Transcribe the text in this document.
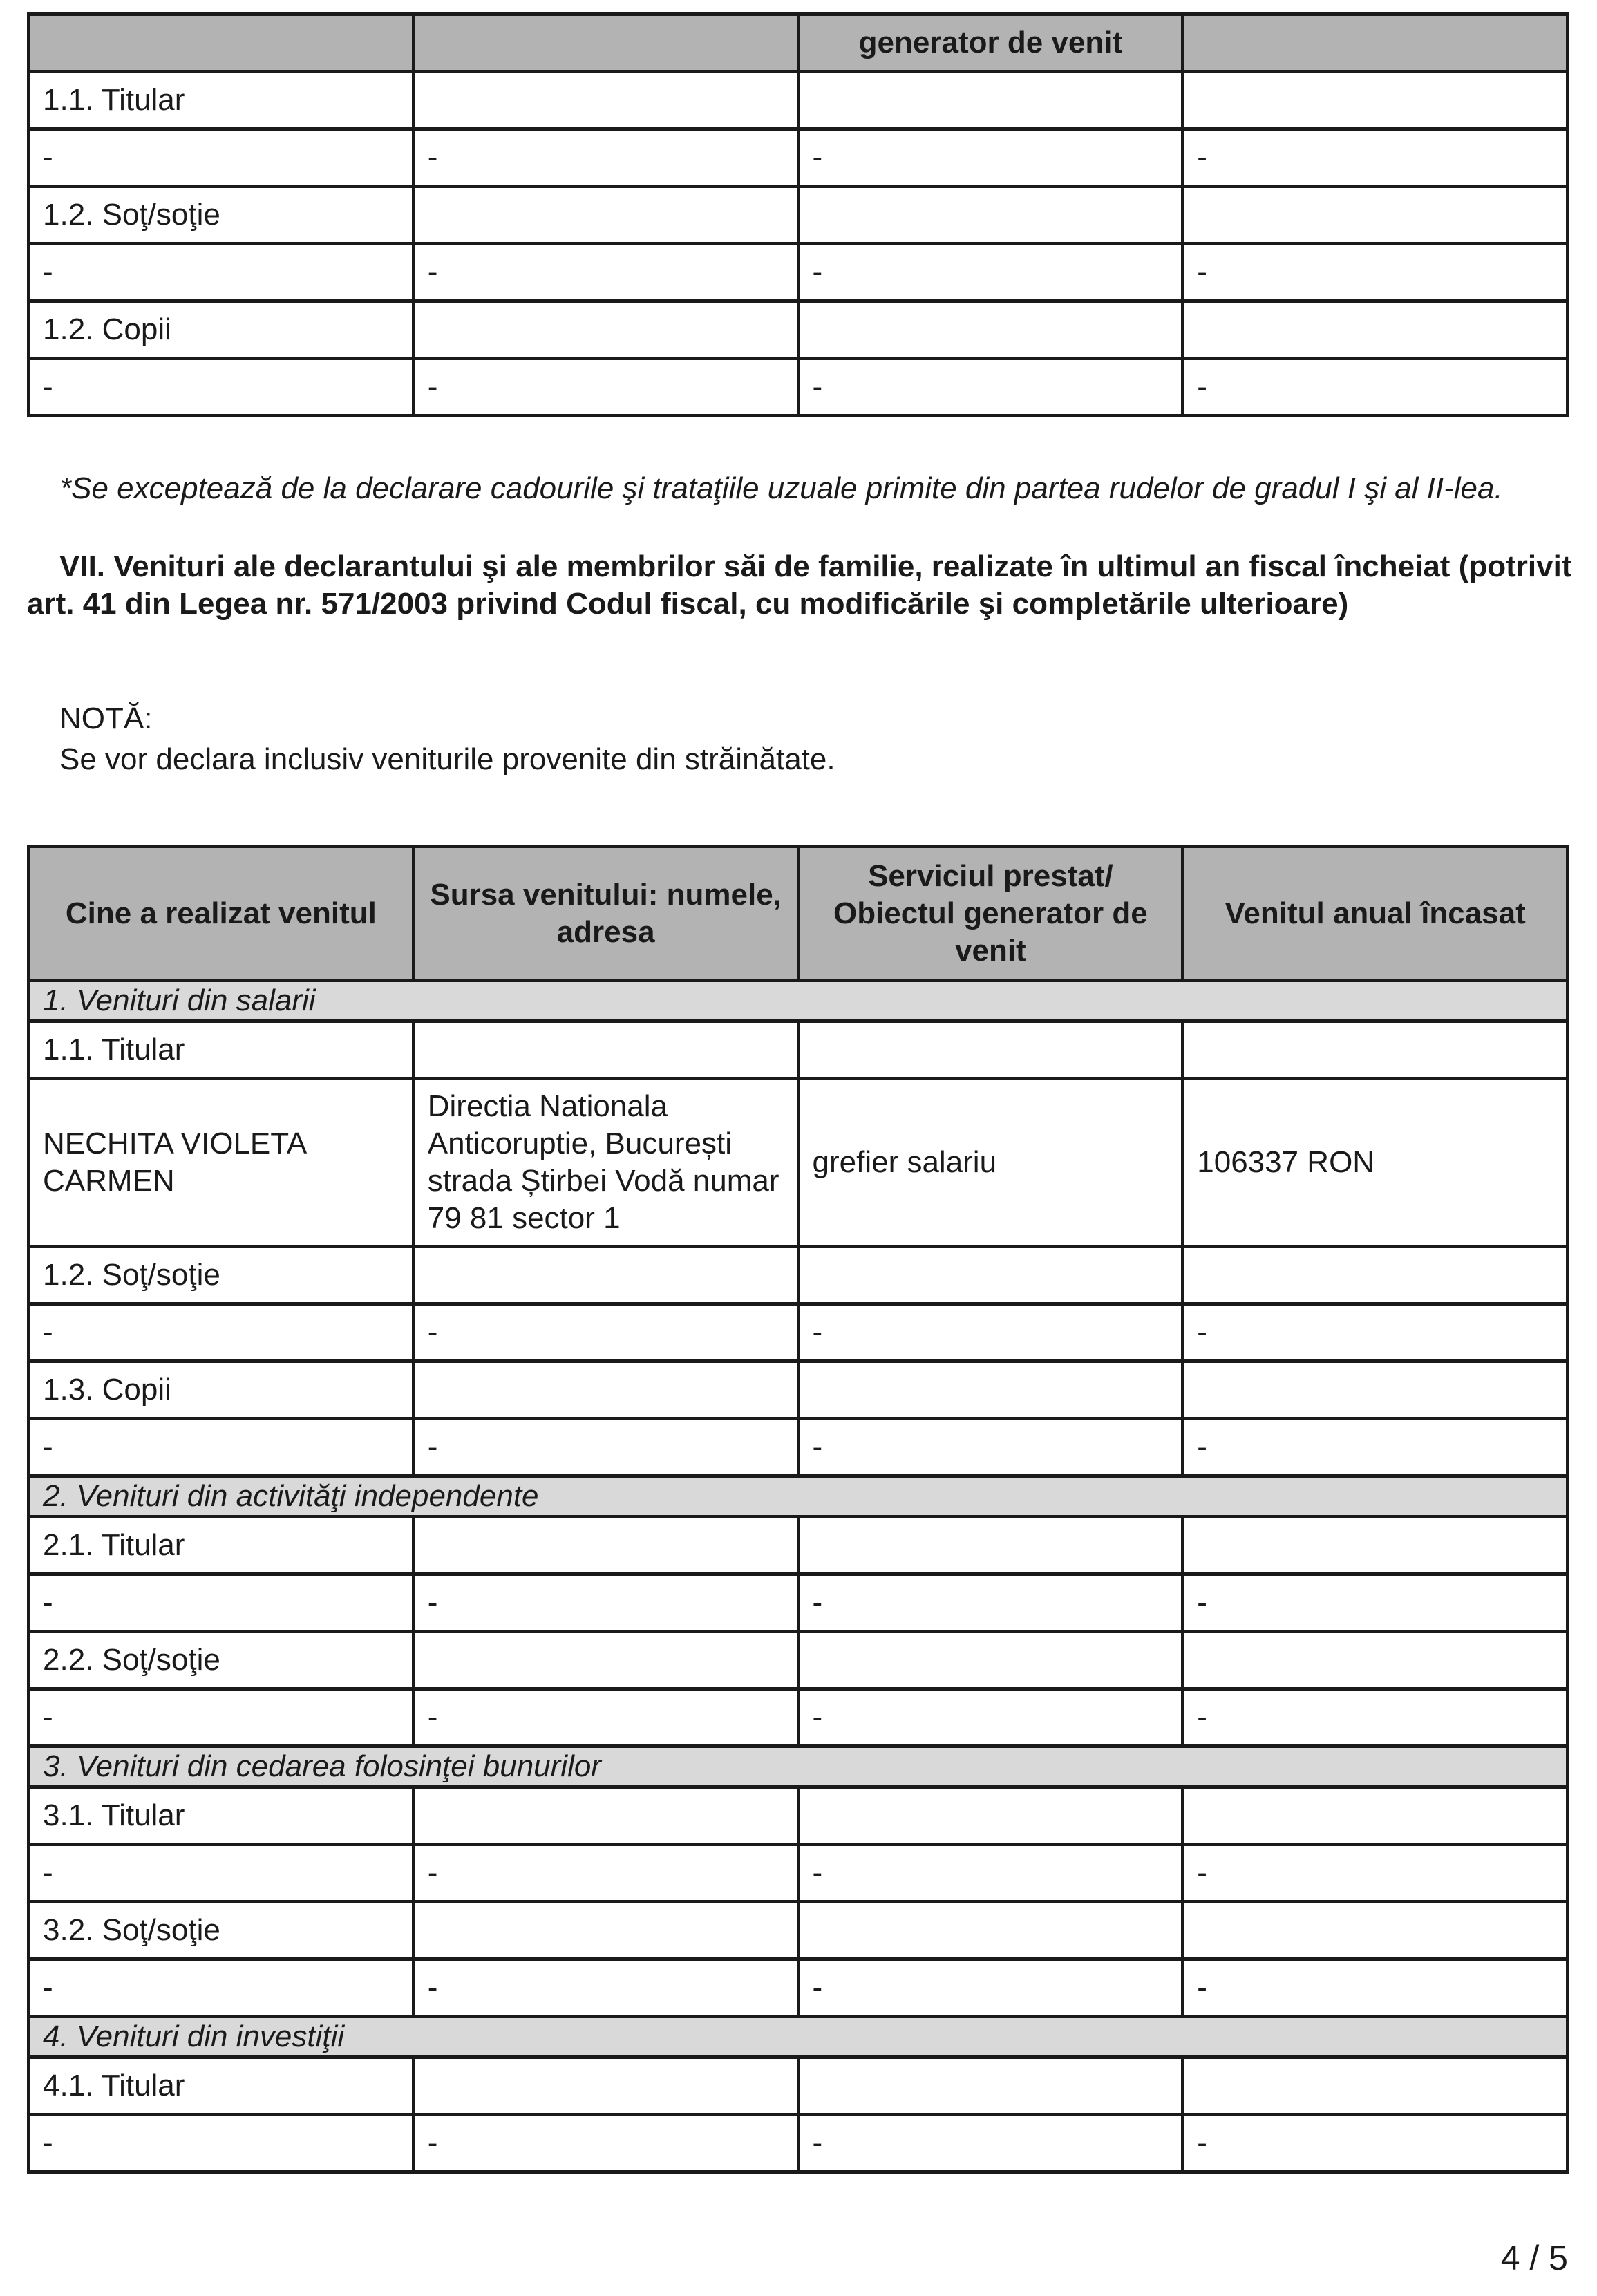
		generator de venit	
1.1. Titular			
-	-	-	-
1.2. Soţ/soţie			
-	-	-	-
1.2. Copii			
-	-	-	-

*Se exceptează de la declarare cadourile şi trataţiile uzuale primite din partea rudelor de gradul I şi al II-lea.

VII. Venituri ale declarantului şi ale membrilor săi de familie, realizate în ultimul an fiscal încheiat (potrivit art. 41 din Legea nr. 571/2003 privind Codul fiscal, cu modificările şi completările ulterioare)

NOTĂ:

Se vor declara inclusiv veniturile provenite din străinătate.

Cine a realizat venitul	Sursa venitului: numele, adresa	Serviciul prestat/ Obiectul generator de venit	Venitul anual încasat
1. Venituri din salarii			
1.1. Titular			
NECHITA VIOLETA CARMEN	Directia Nationala Anticoruptie, București strada Știrbei Vodă numar 79 81 sector 1	grefier salariu	106337 RON
1.2. Soţ/soţie			
-	-	-	-
1.3. Copii			
-	-	-	-
2. Venituri din activităţi independente			
2.1. Titular			
-	-	-	-
2.2. Soţ/soţie			
-	-	-	-
3. Venituri din cedarea folosinţei bunurilor			
3.1. Titular			
-	-	-	-
3.2. Soţ/soţie			
-	-	-	-
4. Venituri din investiţii			
4.1. Titular			
-	-	-	-
4 / 5
